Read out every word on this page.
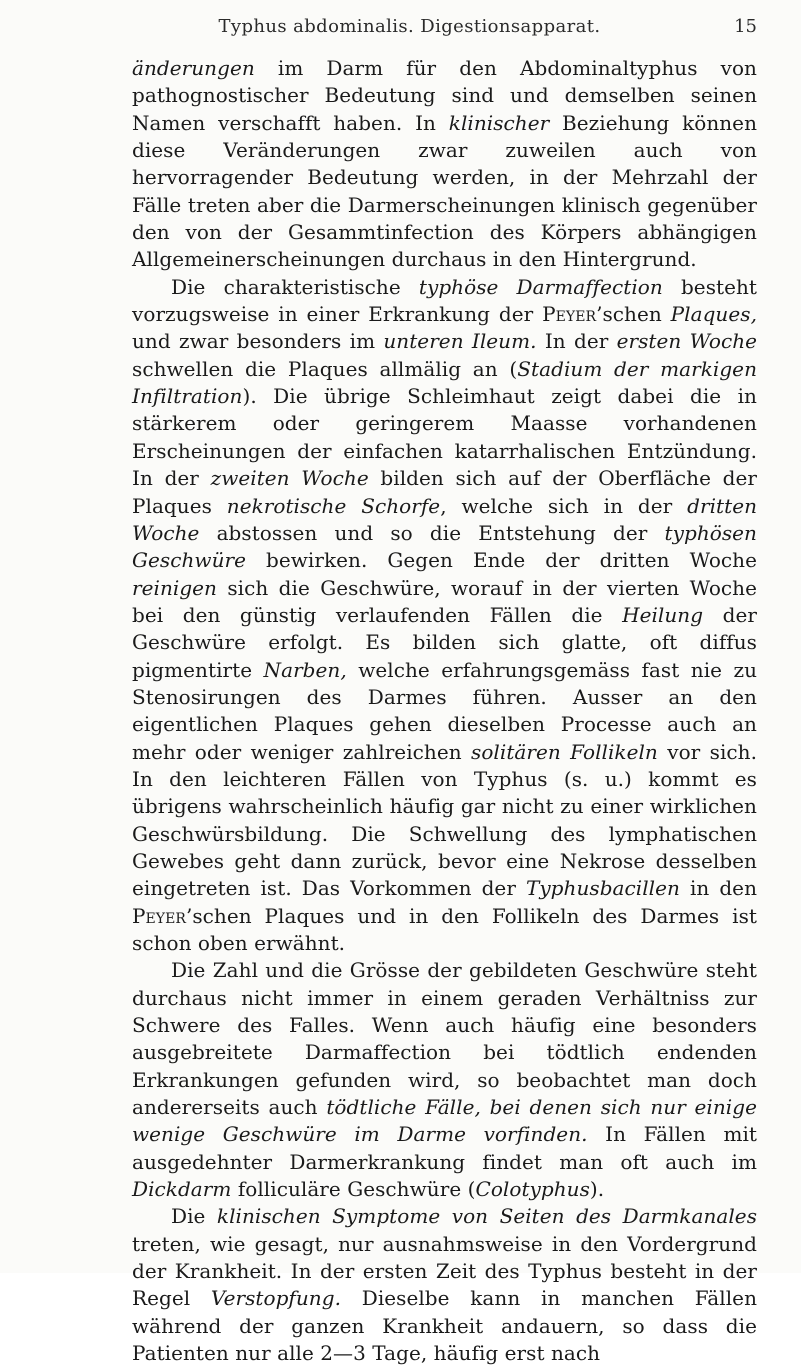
Typhus abdominalis. Digestionsapparat.	15

änderungen im Darm für den Abdominaltyphus von pathognostischer Bedeutung sind und demselben seinen Namen verschafft haben. In klinischer Beziehung können diese Veränderungen zwar zuweilen auch von hervorragender Bedeutung werden, in der Mehrzahl der Fälle treten aber die Darmerscheinungen klinisch gegenüber den von der Gesammtinfection des Körpers abhängigen Allgemeinerscheinungen durchaus in den Hintergrund.

Die charakteristische typhöse Darmaffection besteht vorzugsweise in einer Erkrankung der Peyer’schen Plaques, und zwar besonders im unteren Ileum. In der ersten Woche schwellen die Plaques allmälig an (Stadium der markigen Infiltration). Die übrige Schleimhaut zeigt dabei die in stärkerem oder geringerem Maasse vorhandenen Erscheinungen der einfachen katarrhalischen Entzündung. In der zweiten Woche bilden sich auf der Oberfläche der Plaques nekrotische Schorfe, welche sich in der dritten Woche abstossen und so die Entstehung der typhösen Geschwüre bewirken. Gegen Ende der dritten Woche reinigen sich die Geschwüre, worauf in der vierten Woche bei den günstig verlaufenden Fällen die Heilung der Geschwüre erfolgt. Es bilden sich glatte, oft diffus pigmentirte Narben, welche erfahrungsgemäss fast nie zu Stenosirungen des Darmes führen. Ausser an den eigentlichen Plaques gehen dieselben Processe auch an mehr oder weniger zahlreichen solitären Follikeln vor sich. In den leichteren Fällen von Typhus (s. u.) kommt es übrigens wahrscheinlich häufig gar nicht zu einer wirklichen Geschwürsbildung. Die Schwellung des lymphatischen Gewebes geht dann zurück, bevor eine Nekrose desselben eingetreten ist. Das Vorkommen der Typhusbacillen in den Peyer’schen Plaques und in den Follikeln des Darmes ist schon oben erwähnt.

Die Zahl und die Grösse der gebildeten Geschwüre steht durchaus nicht immer in einem geraden Verhältniss zur Schwere des Falles. Wenn auch häufig eine besonders ausgebreitete Darmaffection bei tödtlich endenden Erkrankungen gefunden wird, so beobachtet man doch andererseits auch tödtliche Fälle, bei denen sich nur einige wenige Geschwüre im Darme vorfinden. In Fällen mit ausgedehnter Darmerkrankung findet man oft auch im Dickdarm folliculäre Geschwüre (Colotyphus).

Die klinischen Symptome von Seiten des Darmkanales treten, wie gesagt, nur ausnahmsweise in den Vordergrund der Krankheit. In der ersten Zeit des Typhus besteht in der Regel Verstopfung. Dieselbe kann in manchen Fällen während der ganzen Krankheit andauern, so dass die Patienten nur alle 2—3 Tage, häufig erst nach
